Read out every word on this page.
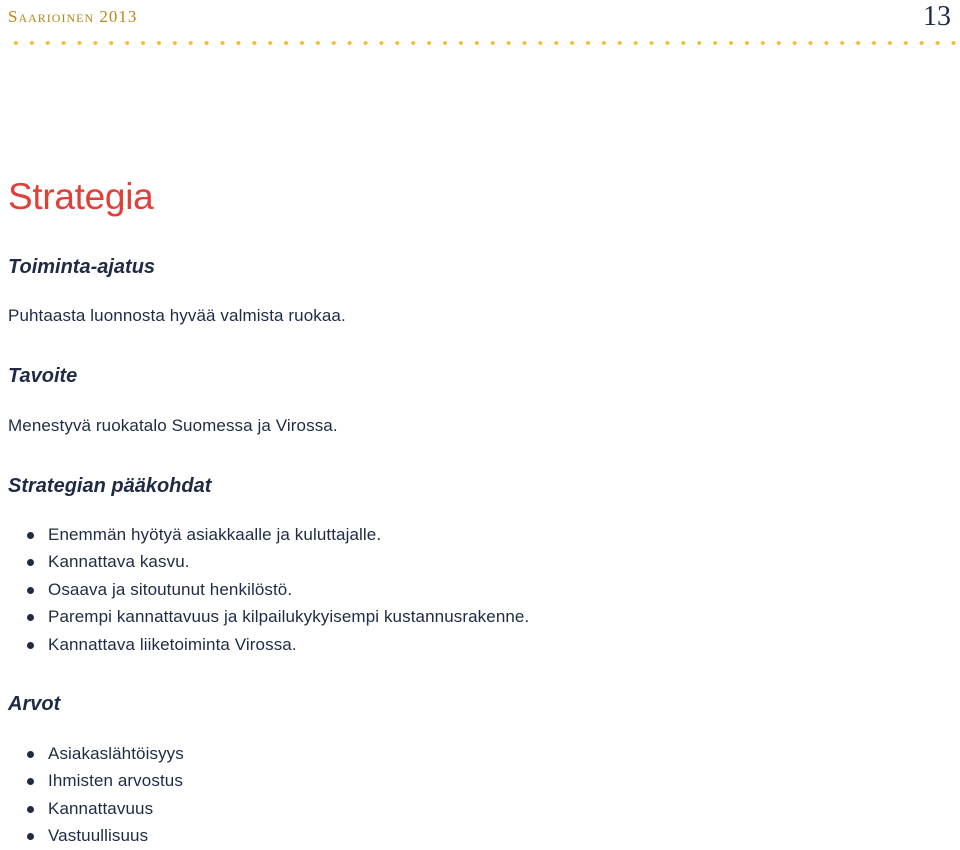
Saarioinen 2013	13
Strategia
Toiminta-ajatus
Puhtaasta luonnosta hyvää valmista ruokaa.
Tavoite
Menestyvä ruokatalo Suomessa ja Virossa.
Strategian pääkohdat
Enemmän hyötyä asiakkaalle ja kuluttajalle.
Kannattava kasvu.
Osaava ja sitoutunut henkilöstö.
Parempi kannattavuus ja kilpailukykyisempi kustannusrakenne.
Kannattava liiketoiminta Virossa.
Arvot
Asiakaslähtöisyys
Ihmisten arvostus
Kannattavuus
Vastuullisuus
